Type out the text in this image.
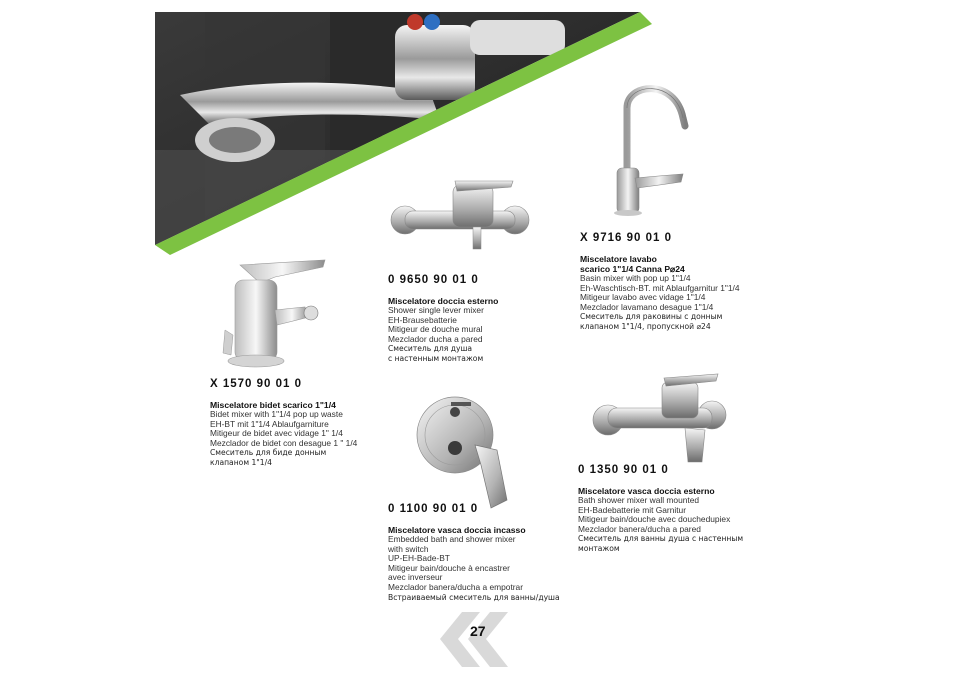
X 1570 90 01 0
Miscelatore bidet scarico 1"1/4
Bidet mixer with 1"1/4 pop up waste
EH-BT mit 1"1/4 Ablaufgarniture
Mitigeur de bidet avec vidage 1" 1/4
Mezclador de bidet con desague 1 " 1/4
Смеситель для биде донным
клапаном 1"1/4
0 9650 90 01 0
Miscelatore doccia esterno
Shower single lever mixer
EH-Brausebatterie
Mitigeur de douche mural
Mezclador ducha a pared
Смеситель для душа
с настенным монтажом
X 9716 90 01 0
Miscelatore lavabo
scarico 1"1/4 Canna P⌀24
Basin mixer with pop up 1"1/4
Eh-Waschtisch-BT. mit Ablaufgarnitur 1"1/4
Mitigeur lavabo avec vidage 1"1/4
Mezclador lavamano desague 1"1/4
Смеситель для раковины с донным
клапаном 1"1/4, пропускной ⌀24
0 1100 90 01 0
Miscelatore vasca doccia incasso
Embedded bath and shower mixer
with switch
UP-EH-Bade-BT
Mitigeur bain/douche à encastrer
avec inverseur
Mezclador banera/ducha a empotrar
Встраиваемый смеситель для ванны/душа
0 1350 90 01 0
Miscelatore vasca doccia esterno
Bath shower mixer wall mounted
EH-Badebatterie mit Garnitur
Mitigeur bain/douche avec douchedupiex
Mezclador banera/ducha a pared
Смеситель для ванны душа с настенным
монтажом
27
